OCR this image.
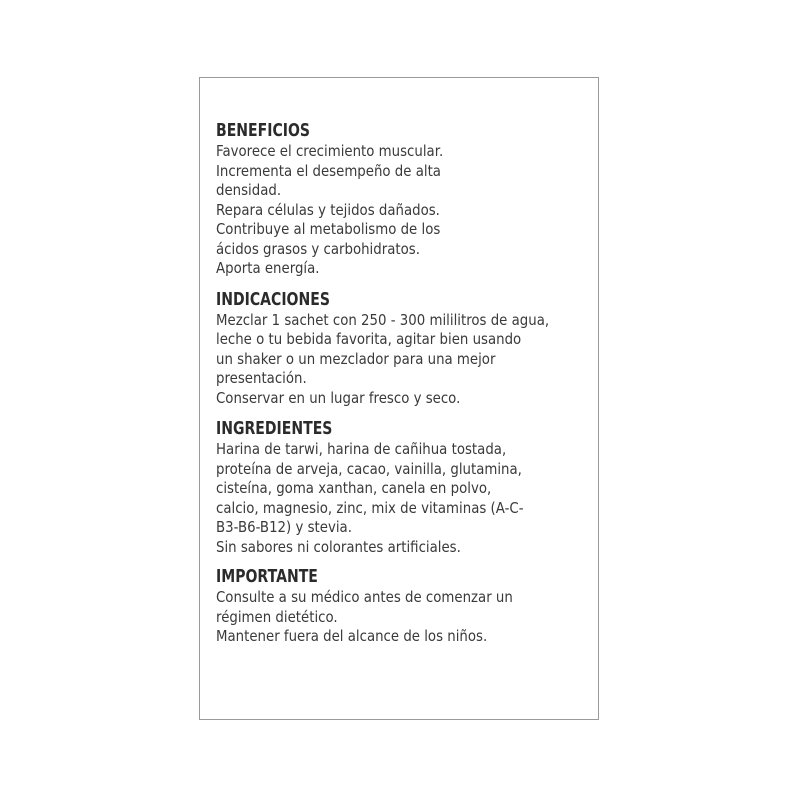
BENEFICIOS
Favorece el crecimiento muscular.
Incrementa el desempeño de alta
densidad.
Repara células y tejidos dañados.
Contribuye al metabolismo de los
ácidos grasos y carbohidratos.
Aporta energía.
INDICACIONES
Mezclar 1 sachet con 250 - 300 mililitros de agua,
leche o tu bebida favorita, agitar bien usando
un shaker o un mezclador para una mejor
presentación.
Conservar en un lugar fresco y seco.
INGREDIENTES
Harina de tarwi, harina de cañihua tostada,
proteína de arveja, cacao, vainilla, glutamina,
cisteína, goma xanthan, canela en polvo,
calcio, magnesio, zinc, mix de vitaminas (A-C-
B3-B6-B12) y stevia.
Sin sabores ni colorantes artificiales.
IMPORTANTE
Consulte a su médico antes de comenzar un
régimen dietético.
Mantener fuera del alcance de los niños.
